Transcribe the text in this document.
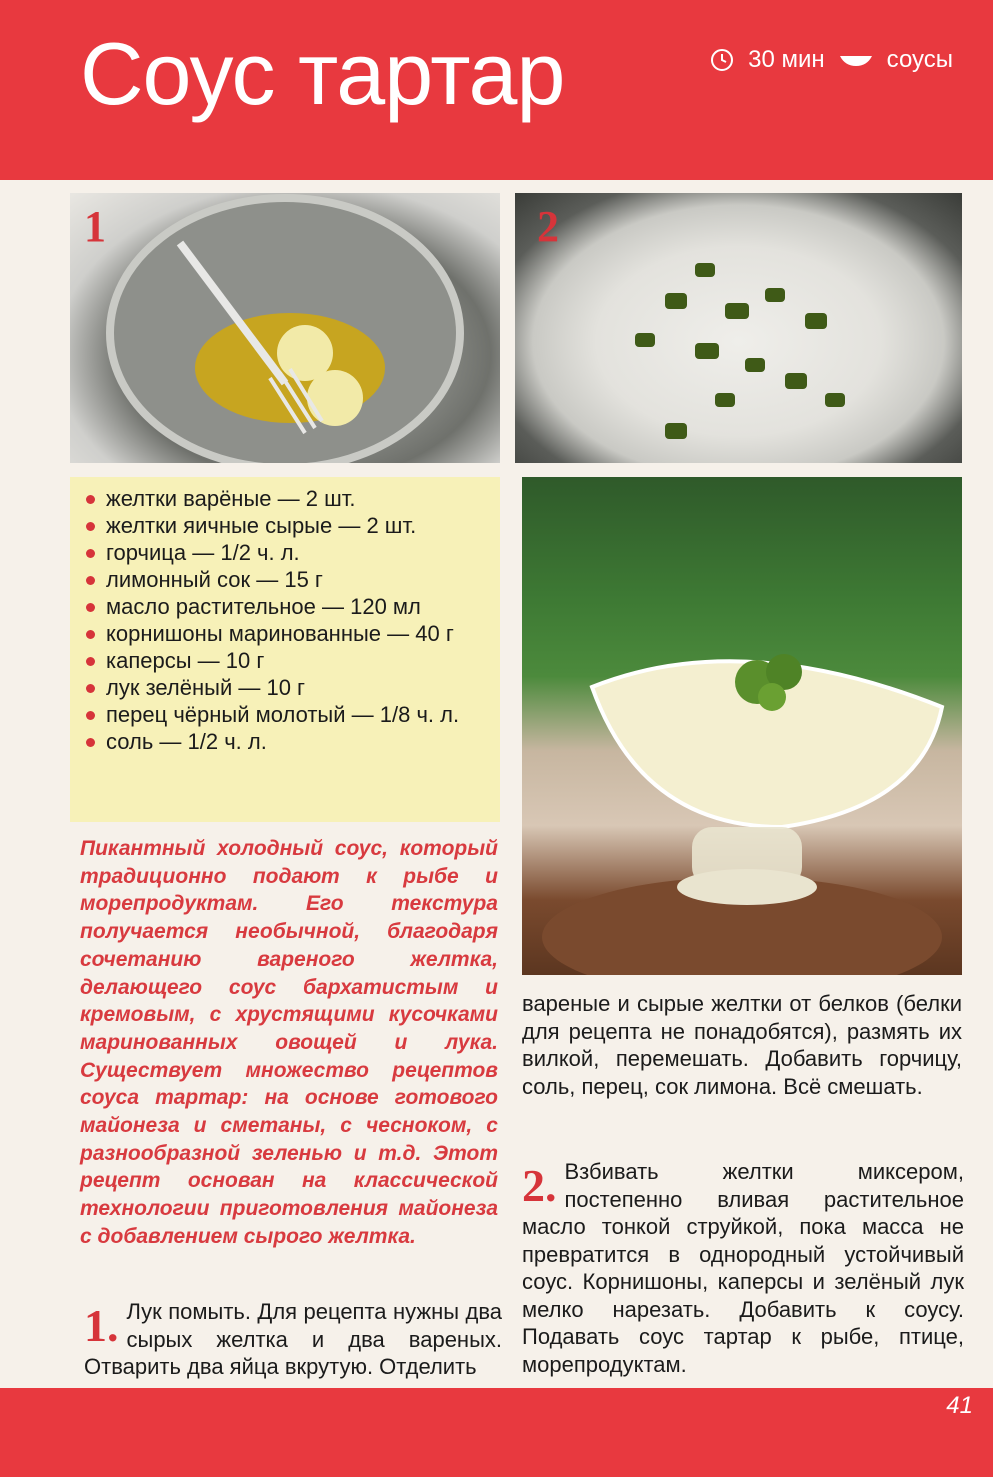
Соус тартар	30 мин	соусы
1	2
желтки варёные — 2 шт.
желтки яичные сырые — 2 шт.
горчица — 1/2 ч. л.
лимонный сок — 15 г
масло растительное — 120 мл
корнишоны маринованные — 40 г
каперсы — 10 г
лук зелёный — 10 г
перец чёрный молотый — 1/8 ч. л.
соль — 1/2 ч. л.

Пикантный холодный соус, который традиционно подают к рыбе и морепродуктам. Его текстура получается необычной, благодаря сочетанию вареного желтка, делающего соус бархатистым и кремовым, с хрустящими кусочками маринованных овощей и лука. Существует множество рецептов соуса тартар: на основе готового майонеза и сметаны, с чесноком, с разнообразной зеленью и т.д. Этот рецепт основан на классической технологии приготовления майонеза с добавлением сырого желтка.

1. Лук помыть. Для рецепта нужны два сырых желтка и два вареных. Отварить два яйца вкрутую. Отделить

вареные и сырые желтки от белков (белки для рецепта не понадобятся), размять их вилкой, перемешать. Добавить горчицу, соль, перец, сок лимона. Всё смешать.

2. Взбивать желтки миксером, постепенно вливая растительное масло тонкой струйкой, пока масса не превратится в однородный устойчивый соус. Корнишоны, каперсы и зелёный лук мелко нарезать. Добавить к соусу. Подавать соус тартар к рыбе, птице, морепродуктам.
41
